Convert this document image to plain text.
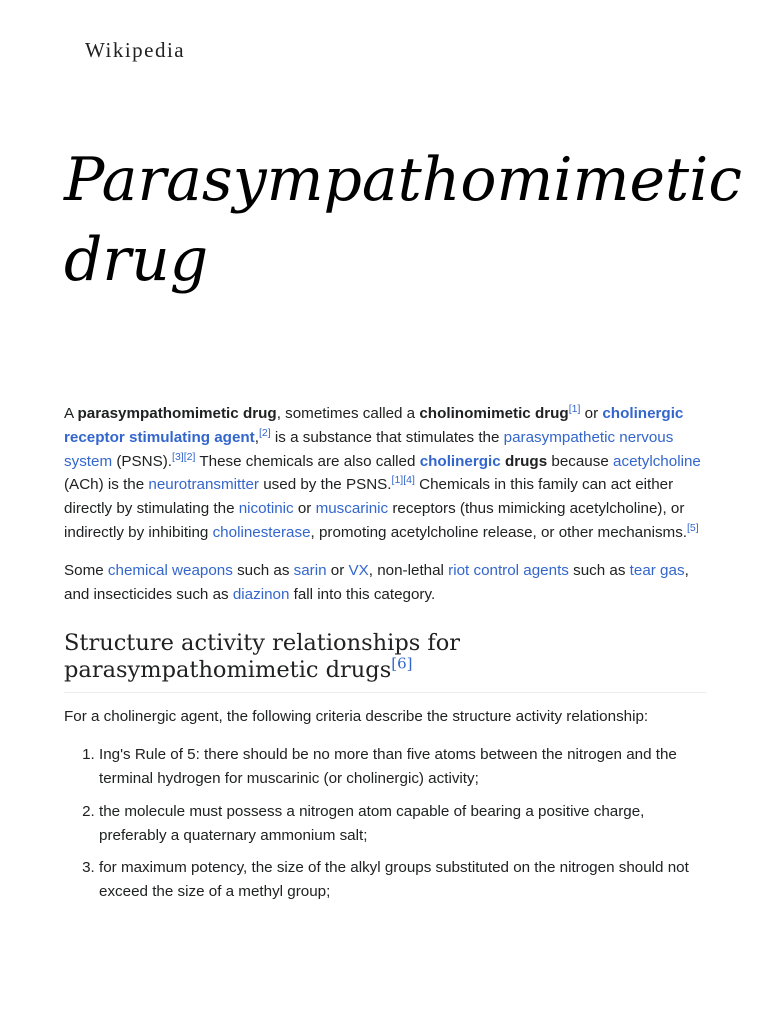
Wikipedia
Parasympathomimetic drug

A parasympathomimetic drug, sometimes called a cholinomimetic drug[1] or cholinergic receptor stimulating agent,[2] is a substance that stimulates the parasympathetic nervous system (PSNS).[3][2] These chemicals are also called cholinergic drugs because acetylcholine (ACh) is the neurotransmitter used by the PSNS.[1][4] Chemicals in this family can act either directly by stimulating the nicotinic or muscarinic receptors (thus mimicking acetylcholine), or indirectly by inhibiting cholinesterase, promoting acetylcholine release, or other mechanisms.[5]

Some chemical weapons such as sarin or VX, non-lethal riot control agents such as tear gas, and insecticides such as diazinon fall into this category.

Structure activity relationships for parasympathomimetic drugs[6]

For a cholinergic agent, the following criteria describe the structure activity relationship:

1. Ing's Rule of 5: there should be no more than five atoms between the nitrogen and the terminal hydrogen for muscarinic (or cholinergic) activity;
2. the molecule must possess a nitrogen atom capable of bearing a positive charge, preferably a quaternary ammonium salt;
3. for maximum potency, the size of the alkyl groups substituted on the nitrogen should not exceed the size of a methyl group;
